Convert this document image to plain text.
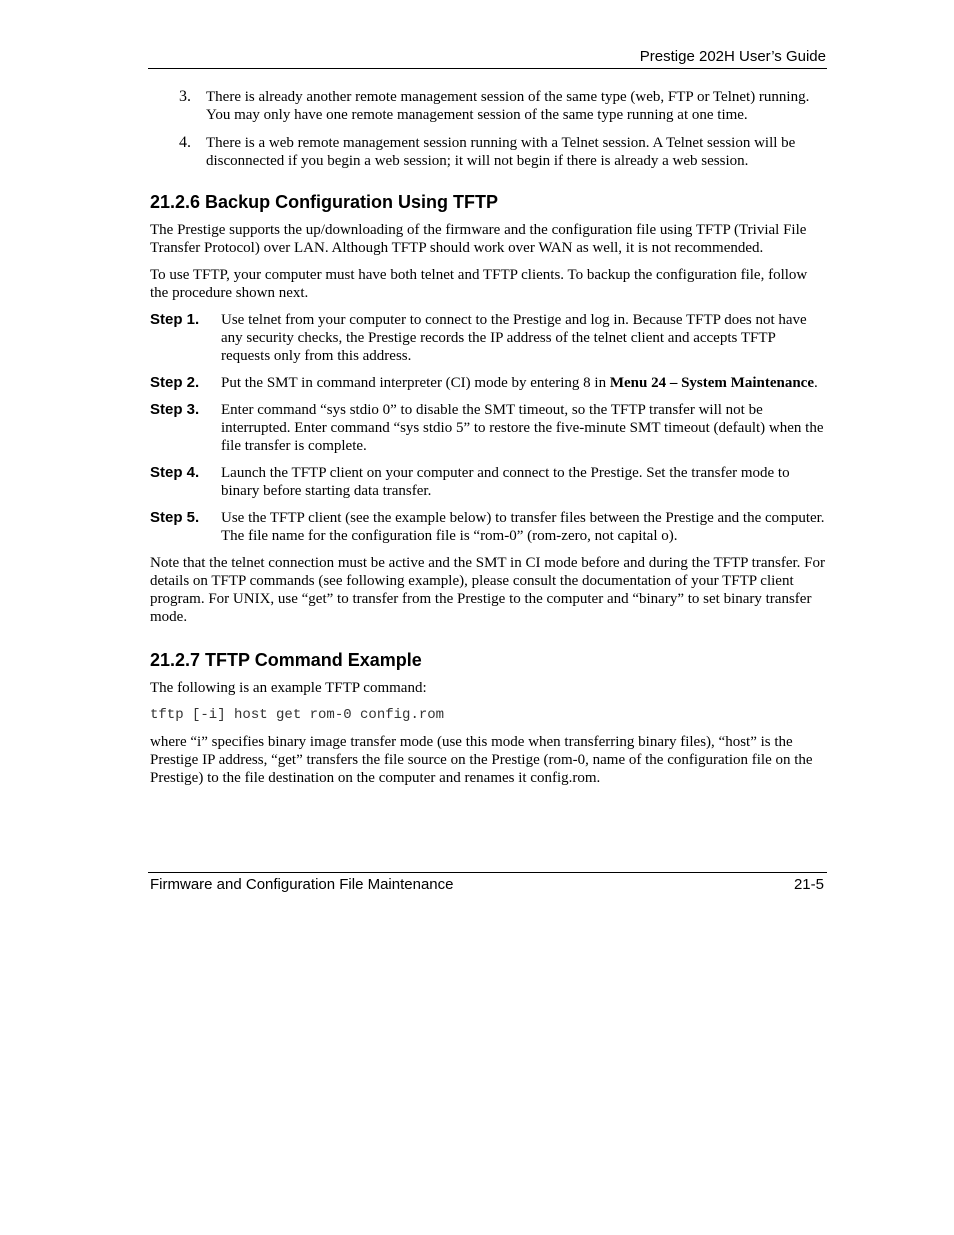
Prestige 202H User’s Guide
3. There is already another remote management session of the same type (web, FTP or Telnet) running. You may only have one remote management session of the same type running at one time.
4. There is a web remote management session running with a Telnet session. A Telnet session will be disconnected if you begin a web session; it will not begin if there is already a web session.
21.2.6 Backup Configuration Using TFTP

The Prestige supports the up/downloading of the firmware and the configuration file using TFTP (Trivial File Transfer Protocol) over LAN. Although TFTP should work over WAN as well, it is not recommended.

To use TFTP, your computer must have both telnet and TFTP clients. To backup the configuration file, follow the procedure shown next.

Step 1. Use telnet from your computer to connect to the Prestige and log in. Because TFTP does not have any security checks, the Prestige records the IP address of the telnet client and accepts TFTP requests only from this address.

Step 2. Put the SMT in command interpreter (CI) mode by entering 8 in Menu 24 – System Maintenance.

Step 3. Enter command “sys stdio 0” to disable the SMT timeout, so the TFTP transfer will not be interrupted. Enter command “sys stdio 5” to restore the five-minute SMT timeout (default) when the file transfer is complete.

Step 4. Launch the TFTP client on your computer and connect to the Prestige. Set the transfer mode to binary before starting data transfer.

Step 5. Use the TFTP client (see the example below) to transfer files between the Prestige and the computer. The file name for the configuration file is “rom-0” (rom-zero, not capital o).

Note that the telnet connection must be active and the SMT in CI mode before and during the TFTP transfer. For details on TFTP commands (see following example), please consult the documentation of your TFTP client program. For UNIX, use “get” to transfer from the Prestige to the computer and “binary” to set binary transfer mode.

21.2.7 TFTP Command Example

The following is an example TFTP command:

tftp [-i] host get rom-0 config.rom

where “i” specifies binary image transfer mode (use this mode when transferring binary files), “host” is the Prestige IP address, “get” transfers the file source on the Prestige (rom-0, name of the configuration file on the Prestige) to the file destination on the computer and renames it config.rom.

Firmware and Configuration File Maintenance	21-5
